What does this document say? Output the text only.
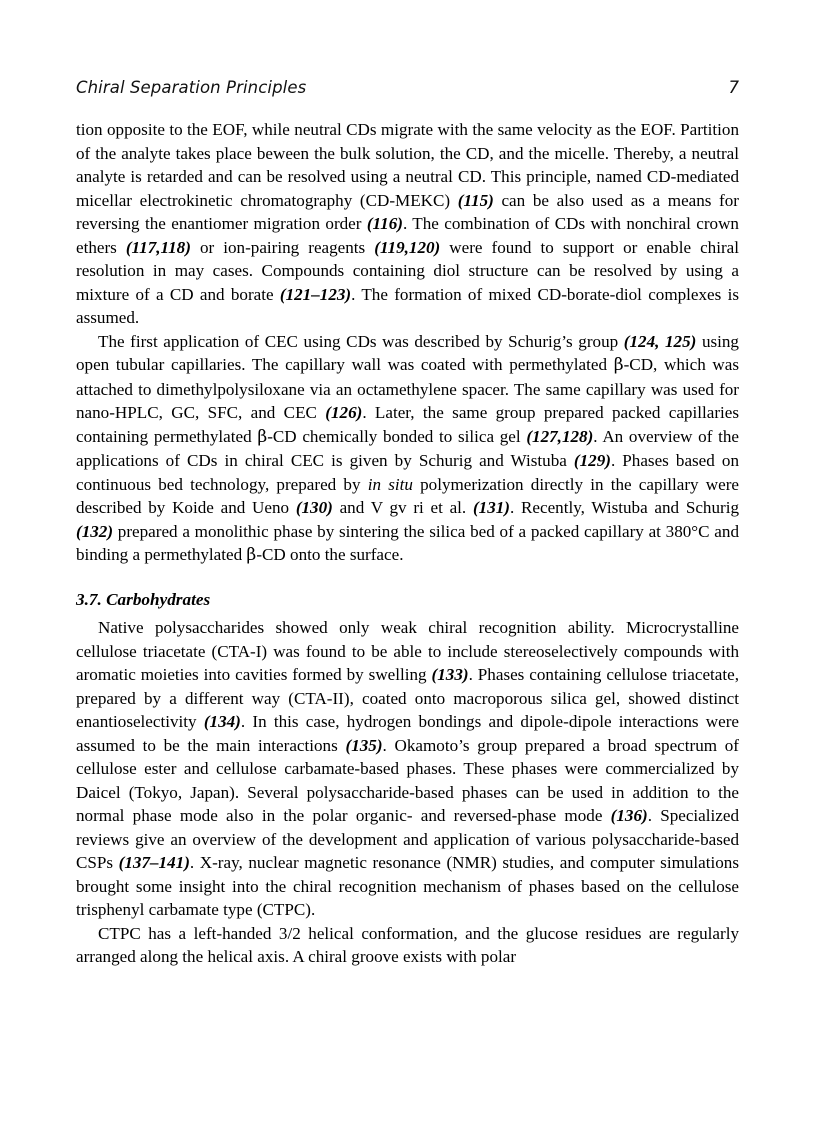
Chiral Separation Principles	7

tion opposite to the EOF, while neutral CDs migrate with the same velocity as the EOF. Partition of the analyte takes place beween the bulk solution, the CD, and the micelle. Thereby, a neutral analyte is retarded and can be resolved using a neutral CD. This principle, named CD-mediated micellar electrokinetic chromatography (CD-MEKC) (115) can be also used as a means for reversing the enantiomer migration order (116). The combination of CDs with nonchiral crown ethers (117,118) or ion-pairing reagents (119,120) were found to support or enable chiral resolution in may cases. Compounds containing diol structure can be resolved by using a mixture of a CD and borate (121–123). The formation of mixed CD-borate-diol complexes is assumed.

The first application of CEC using CDs was described by Schurig’s group (124, 125) using open tubular capillaries. The capillary wall was coated with permethylated β-CD, which was attached to dimethylpolysiloxane via an octamethylene spacer. The same capillary was used for nano-HPLC, GC, SFC, and CEC (126). Later, the same group prepared packed capillaries containing permethylated β-CD chemically bonded to silica gel (127,128). An overview of the applications of CDs in chiral CEC is given by Schurig and Wistuba (129). Phases based on continuous bed technology, prepared by in situ polymerization directly in the capillary were described by Koide and Ueno (130) and V gv ri et al. (131). Recently, Wistuba and Schurig (132) prepared a monolithic phase by sintering the silica bed of a packed capillary at 380°C and binding a permethylated β-CD onto the surface.

3.7. Carbohydrates

Native polysaccharides showed only weak chiral recognition ability. Microcrystalline cellulose triacetate (CTA-I) was found to be able to include stereoselectively compounds with aromatic moieties into cavities formed by swelling (133). Phases containing cellulose triacetate, prepared by a different way (CTA-II), coated onto macroporous silica gel, showed distinct enantioselectivity (134). In this case, hydrogen bondings and dipole-dipole interactions were assumed to be the main interactions (135). Okamoto’s group prepared a broad spectrum of cellulose ester and cellulose carbamate-based phases. These phases were commercialized by Daicel (Tokyo, Japan). Several polysaccharide-based phases can be used in addition to the normal phase mode also in the polar organic- and reversed-phase mode (136). Specialized reviews give an overview of the development and application of various polysaccharide-based CSPs (137–141). X-ray, nuclear magnetic resonance (NMR) studies, and computer simulations brought some insight into the chiral recognition mechanism of phases based on the cellulose trisphenyl carbamate type (CTPC).

CTPC has a left-handed 3/2 helical conformation, and the glucose residues are regularly arranged along the helical axis. A chiral groove exists with polar
